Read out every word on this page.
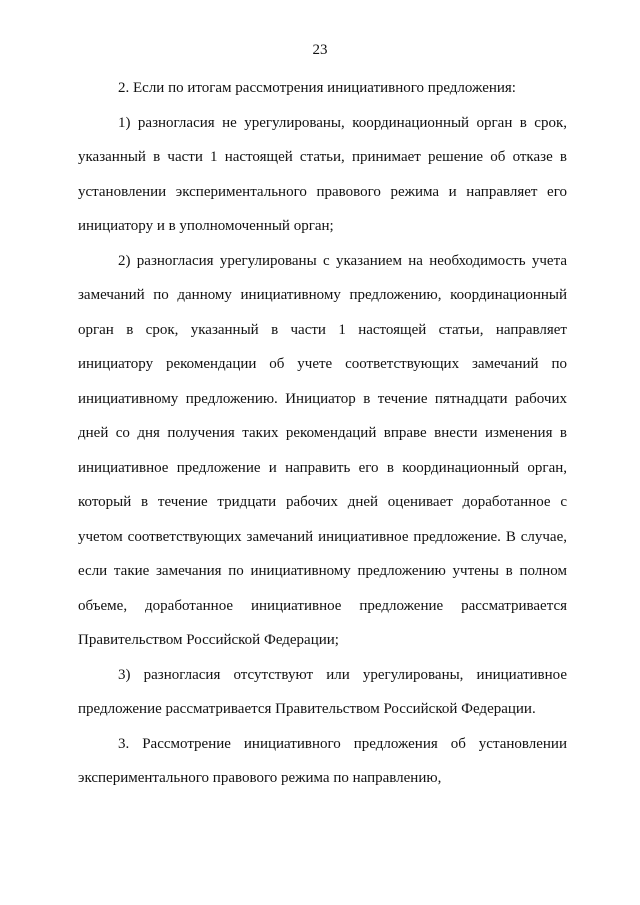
23

2. Если по итогам рассмотрения инициативного предложения:

1) разногласия не урегулированы, координационный орган в срок, указанный в части 1 настоящей статьи, принимает решение об отказе в установлении экспериментального правового режима и направляет его инициатору и в уполномоченный орган;

2) разногласия урегулированы с указанием на необходимость учета замечаний по данному инициативному предложению, координационный орган в срок, указанный в части 1 настоящей статьи, направляет инициатору рекомендации об учете соответствующих замечаний по инициативному предложению. Инициатор в течение пятнадцати рабочих дней со дня получения таких рекомендаций вправе внести изменения в инициативное предложение и направить его в координационный орган, который в течение тридцати рабочих дней оценивает доработанное с учетом соответствующих замечаний инициативное предложение. В случае, если такие замечания по инициативному предложению учтены в полном объеме, доработанное инициативное предложение рассматривается Правительством Российской Федерации;

3) разногласия отсутствуют или урегулированы, инициативное предложение рассматривается Правительством Российской Федерации.

3. Рассмотрение инициативного предложения об установлении экспериментального правового режима по направлению,
